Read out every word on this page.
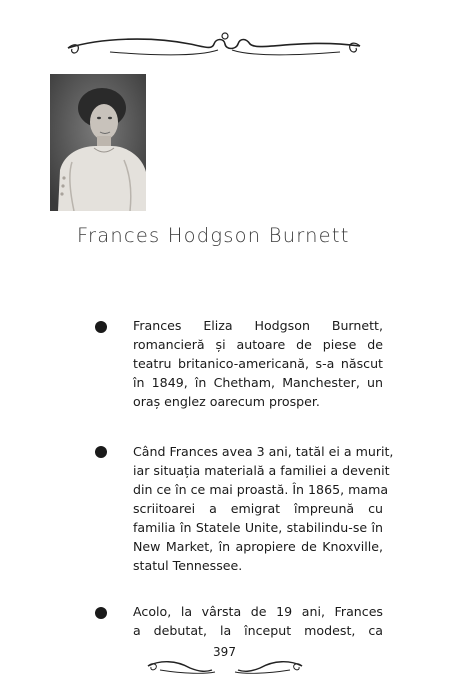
Frances Hodgson Burnett

Frances Eliza Hodgson Burnett,
romancieră și autoare de piese de
teatru britanico-americană, s-a născut
în 1849, în Chetham, Manchester, un
oraș englez oarecum prosper.

Când Frances avea 3 ani, tatăl ei a murit,
iar situația materială a familiei a devenit
din ce în ce mai proastă. În 1865, mama
scriitoarei a emigrat împreună cu
familia în Statele Unite, stabilindu-se în
New Market, în apropiere de Knoxville,
statul Tennessee.

Acolo, la vârsta de 19 ani, Frances
a debutat, la început modest, ca

397
